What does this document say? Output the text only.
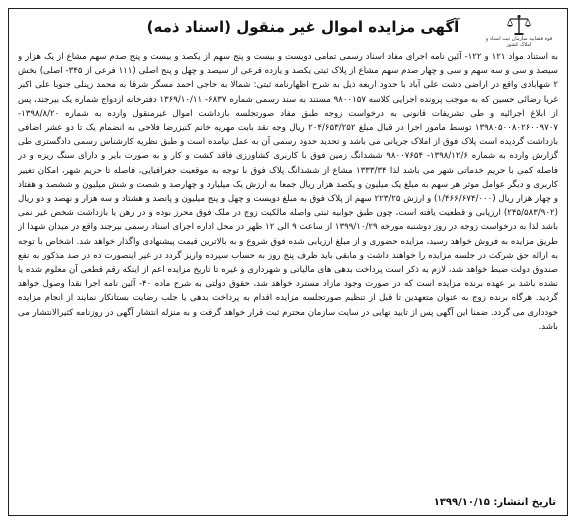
قوه قضاییه سازمان ثبت اسناد و املاک کشور
آگهی مزایده اموال غیر منقول (اسناد ذمه)
به استناد مواد ۱۲۱ و ۱۲۲- آئین نامه اجرای مفاد اسناد رسمی تمامی دویست و بیست و پنج سهم از یکصد و بیست و پنج صدم سهم مشاع از یک هزار و سیصد و سی و سه سهم و سی و چهار صدم سهم مشاع از پلاک ثبتی یکصد و یازده فرعی از سیصد و چهل و پنج اصلی (۱۱۱ فرعی از ۳۴۵- اصلی) بخش ۲ شهابادی واقع در اراضی دشت علی آباد با حدود اربعه ذیل به شرح اظهارنامه ثبتی: شمالا به حاجی احمد مسگر شرقا به محمد زینلی جنوبا علی اکبر غریا رضائی حسین که به موجب پرونده اجرایی کلاسه ۹۸۰۰۱۵۷ مستند به سند رسمی شماره ۶۸۳۷- ۱۳۶۹/۱۰/۱۱ دفترخانه ازدواج شماره یک بیرجند، پس از ابلاغ اجرائیه و طی تشریفات قانونی به درخواست زوجه طبق مفاد صورتجلسه بازداشت اموال غیرمنقول وارده به شماره ۱۳۹۸/۸/۲۰- ۱۳۹۸۰۵۰۰۸۰۲۶۰۰۹۷۰۷ توسط مامور اجرا در قبال مبلغ ۲۰۴/۶۵۳/۲۵۲ ریال وجه نقد بابت مهریه خانم کنیزرضا فلاحی به انضمام یک تا دو عشر اضافی بازداشت گردیده است پلاک فوق از املاک جریانی می باشد و تحدید حدود رسمی آن به عمل نیامده است و طبق نظریه کارشناس رسمی دادگستری طی گزارش وارده به شماره ۱۳۹۸/۱۲/۶- ۹۸۰۰۷۶۵۴ ششدانگ زمین فوق با کاربری کشاورزی فاقد کشت و کار و به صورت بایر و دارای سنگ ریزه و در فاصله کمی با حریم خدماتی شهر می باشد لذا ۱۳۳۳/۳۴ مشاع از ششدانگ پلاک فوق با توجه به موقعیت جغرافیایی، فاصله تا حریم شهر، امکان تغییر کاربری و دیگر عوامل موثر هر سهم به مبلغ یک میلیون و یکصد هزار ریال جمعا به ارزش یک میلیارد و چهارصد و شصت و شش میلیون و ششصد و هفتاد و چهار هزار ریال (۱/۴۶۶/۶۷۴/۰۰۰) و ارزش ۲۲۳/۲۵ سهم از پلاک فوق به مبلغ دویست و چهل و پنج میلیون و پانصد و هشتاد و سه هزار و نهصد و دو ریال (۲۴۵/۵۸۳/۹۰۲) ارزیابی و قطعیت یافته است، چون طبق جوابیه ثبتی واصله مالکیت زوج در ملک فوق محرز بوده و در رهن یا بازداشت شخص غیر نمی باشد لذا به درخواست زوجه در روز دوشنبه مورخه ۱۳۹۹/۱۰/۲۹ از ساعت ۹ الی ۱۲ ظهر در محل اداره اجرای اسناد رسمی بیرجند واقع در میدان شهدا از طریق مزایده به فروش خواهد رسید، مزایده حضوری و از مبلغ ارزیابی شده فوق شروع و به بالاترین قیمت پیشنهادی واگذار خواهد شد. اشخاص با توجه به ارائه حق شرکت در جلسه مزایده را خواهند داشت و مابقی باید ظرف پنج روز به حساب سپرده واریز گردد در غیر اینصورت ده در صد مذکور به نفع صندوق دولت ضبط خواهد شد، لازم به ذکر است پرداخت بدهی های مالیاتی و شهرداری و غیره تا تاریخ مزایده اعم از اینکه رقم قطعی آن معلوم شده یا نشده باشد بر عهده برنده مزایده است که در صورت وجود مازاد مسترد خواهد شد، حقوق دولتی به شرح ماده ۴۰- آئین نامه اجرا نقدا وصول خواهد گردید. هرگاه برنده زوج به عنوان متعهدین تا قبل از تنظیم صورتجلسه مزایده اقدام به پرداخت بدهی یا جلب رضایت بستانکار نمایند از انجام مزایده خودداری می گردد. ضمنا این آگهی پس از تایید نهایی در سایت سازمان محترم ثبت قرار خواهد گرفت و به منزله انتشار آگهی در روزنامه کثیرالانتشار می باشد.
تاریخ انتشار: ۱۳۹۹/۱۰/۱۵
